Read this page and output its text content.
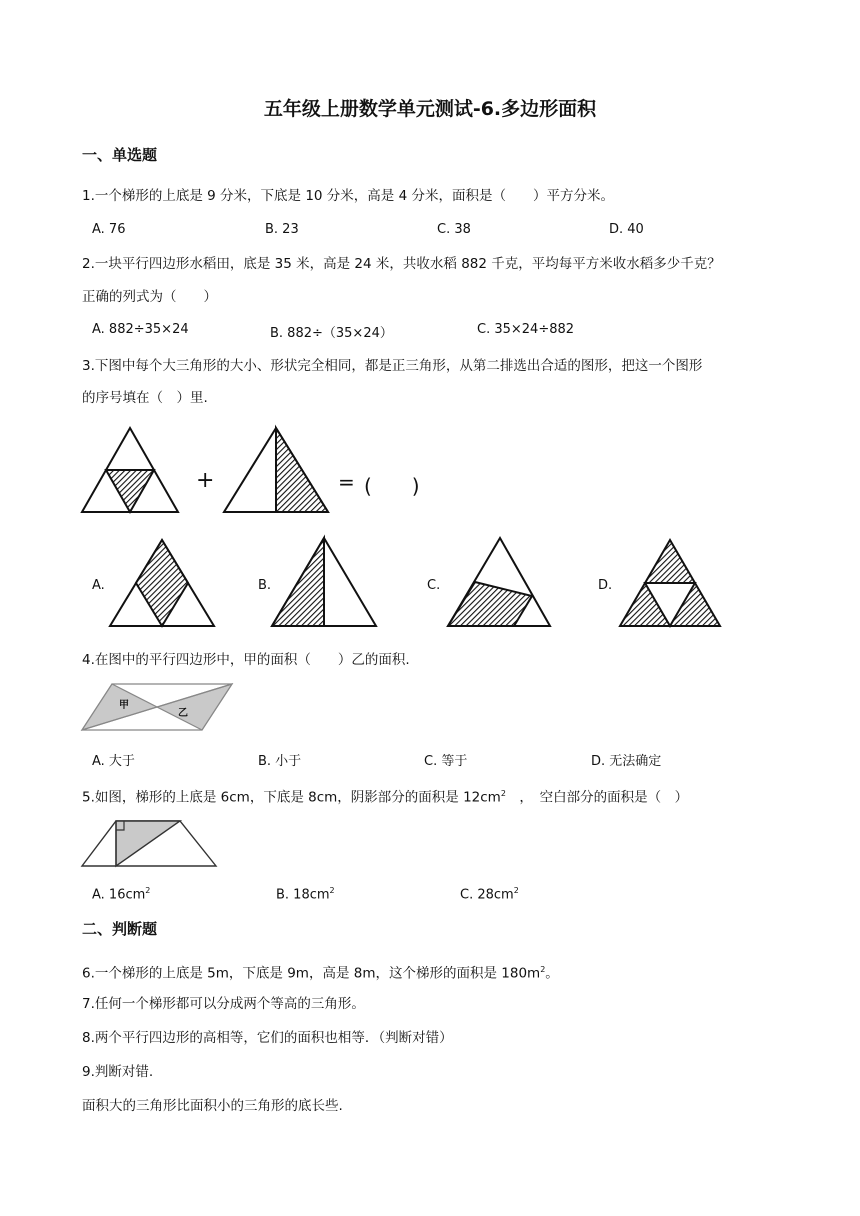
五年级上册数学单元测试-6.多边形面积
一、单选题
1.一个梯形的上底是 9 分米，下底是 10 分米，高是 4 分米，面积是（　　）平方分米。
A. 76	B. 23	C. 38	D. 40
2.一块平行四边形水稻田，底是 35 米，高是 24 米，共收水稻 882 千克，平均每平方米收水稻多少千克？
正确的列式为（　　）
A. 882÷35×24	B. 882÷（35×24）	C. 35×24÷882
3.下图中每个大三角形的大小、形状完全相同，都是正三角形，从第二排选出合适的图形，把这一个图形
的序号填在（　）里.
+	= (　　)
A.	B.	C.	D.
4.在图中的平行四边形中，甲的面积（　　）乙的面积.
甲
乙
A. 大于	B. 小于	C. 等于	D. 无法确定
5.如图，梯形的上底是 6cm，下底是 8cm，阴影部分的面积是 $12cm^2$　，　空白部分的面积是（　）
A. $16cm^2$	B. $18cm^2$	C. $28cm^2$
二、判断题
6.一个梯形的上底是 5m，下底是 9m，高是 8m，这个梯形的面积是 $180m^2$。
7.任何一个梯形都可以分成两个等高的三角形。
8.两个平行四边形的高相等，它们的面积也相等．（判断对错）
9.判断对错.
面积大的三角形比面积小的三角形的底长些.
